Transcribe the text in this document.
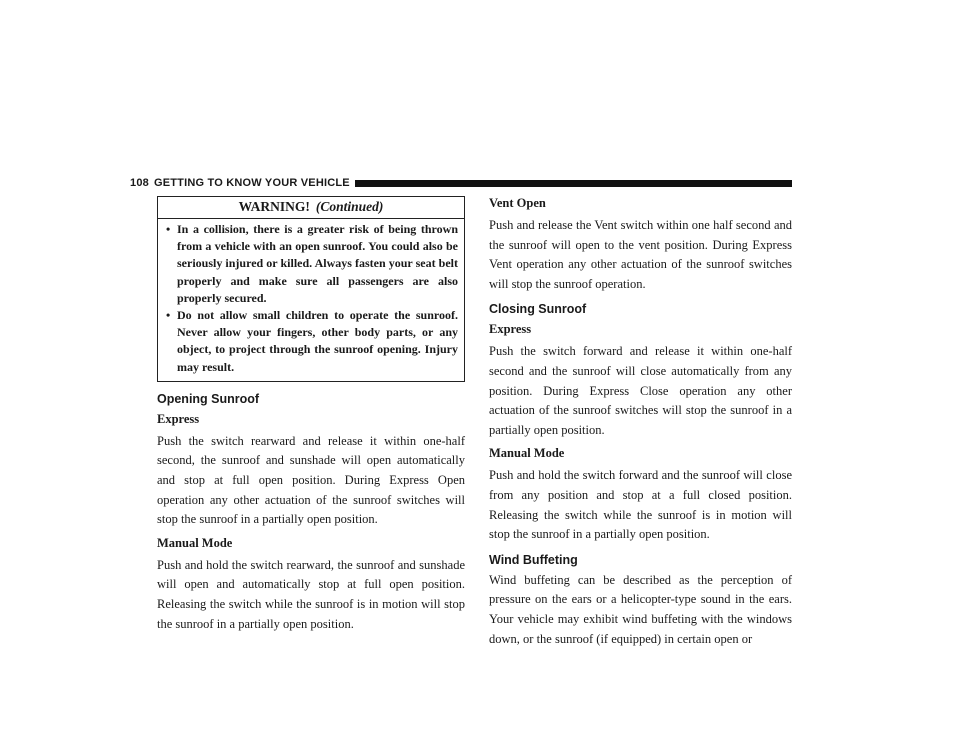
108 GETTING TO KNOW YOUR VEHICLE
WARNING! (Continued)
• In a collision, there is a greater risk of being thrown from a vehicle with an open sunroof. You could also be seriously injured or killed. Always fasten your seat belt properly and make sure all passengers are also properly secured.
• Do not allow small children to operate the sunroof. Never allow your fingers, other body parts, or any object, to project through the sunroof opening. Injury may result.
Opening Sunroof
Express

Push the switch rearward and release it within one-half second, the sunroof and sunshade will open automatically and stop at full open position. During Express Open operation any other actuation of the sunroof switches will stop the sunroof in a partially open position.

Manual Mode

Push and hold the switch rearward, the sunroof and sunshade will open and automatically stop at full open position. Releasing the switch while the sunroof is in motion will stop the sunroof in a partially open position.

Vent Open

Push and release the Vent switch within one half second and the sunroof will open to the vent position. During Express Vent operation any other actuation of the sunroof switches will stop the sunroof operation.

Closing Sunroof
Express

Push the switch forward and release it within one-half second and the sunroof will close automatically from any position. During Express Close operation any other actuation of the sunroof switches will stop the sunroof in a partially open position.

Manual Mode

Push and hold the switch forward and the sunroof will close from any position and stop at a full closed position. Releasing the switch while the sunroof is in motion will stop the sunroof in a partially open position.

Wind Buffeting

Wind buffeting can be described as the perception of pressure on the ears or a helicopter-type sound in the ears. Your vehicle may exhibit wind buffeting with the windows down, or the sunroof (if equipped) in certain open or
